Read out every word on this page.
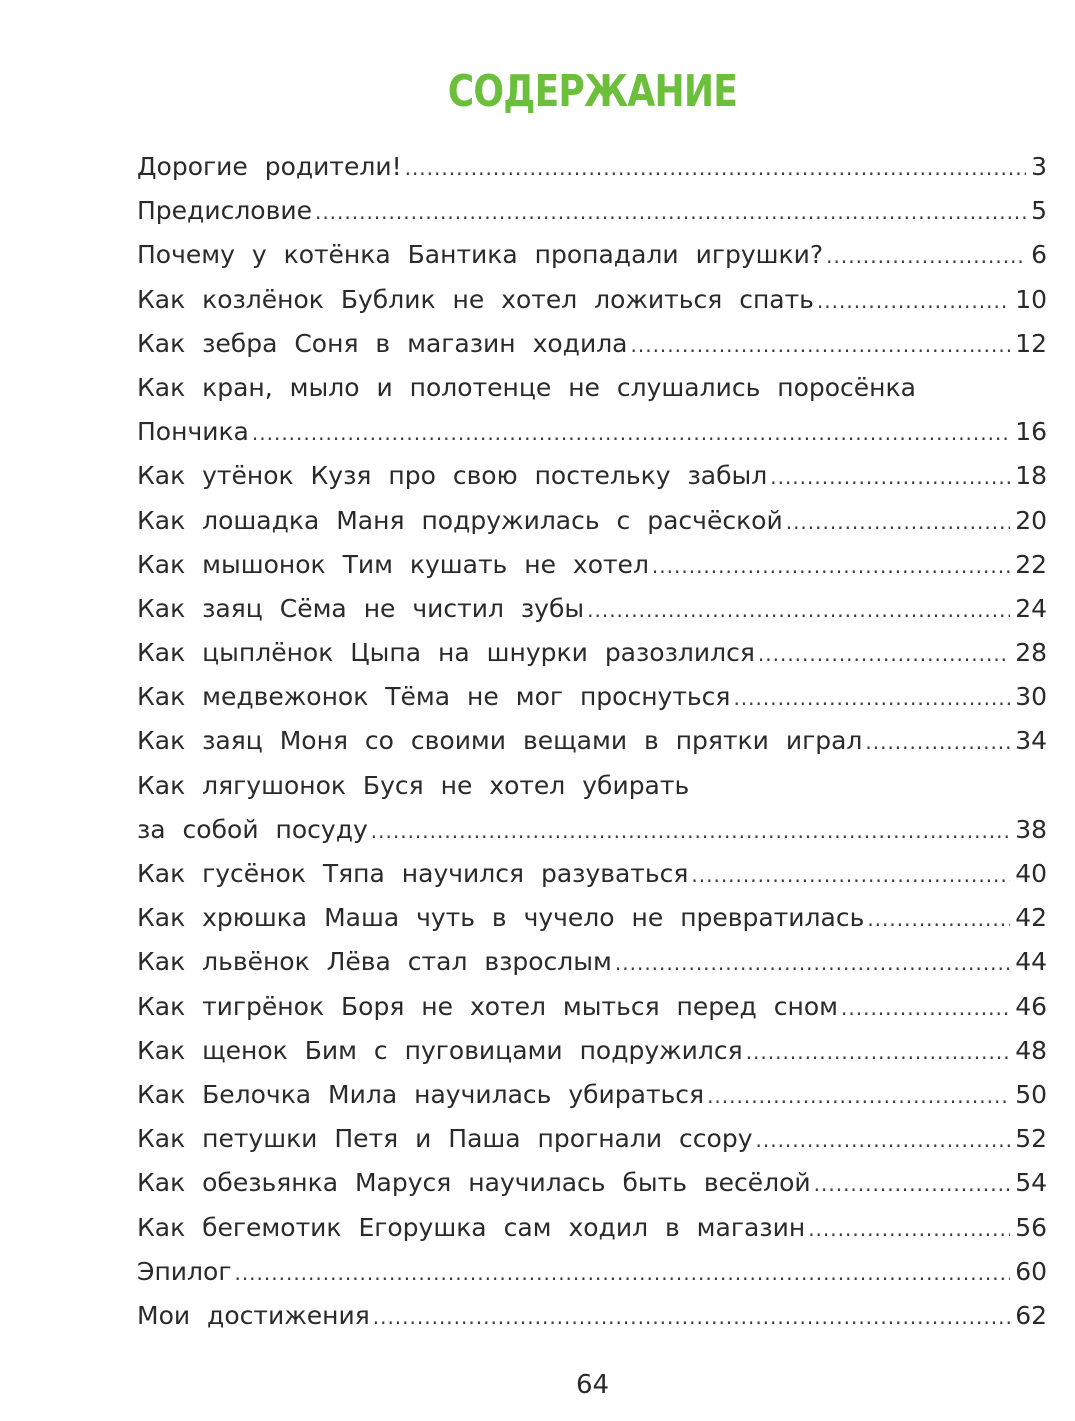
СОДЕРЖАНИЕ
Дорогие родители! .....	3
Предисловие .....	5
Почему у котёнка Бантика пропадали игрушки? .....	6
Как козлёнок Бублик не хотел ложиться спать .....	10
Как зебра Соня в магазин ходила .....	12
Как кран, мыло и полотенце не слушались поросёнка
Пончика .....	16
Как утёнок Кузя про свою постельку забыл .....	18
Как лошадка Маня подружилась с расчёской .....	20
Как мышонок Тим кушать не хотел .....	22
Как заяц Сёма не чистил зубы .....	24
Как цыплёнок Цыпа на шнурки разозлился .....	28
Как медвежонок Тёма не мог проснуться .....	30
Как заяц Моня со своими вещами в прятки играл .....	34
Как лягушонок Буся не хотел убирать
за собой посуду .....	38
Как гусёнок Тяпа научился разуваться .....	40
Как хрюшка Маша чуть в чучело не превратилась .....	42
Как львёнок Лёва стал взрослым .....	44
Как тигрёнок Боря не хотел мыться перед сном .....	46
Как щенок Бим с пуговицами подружился .....	48
Как Белочка Мила научилась убираться .....	50
Как петушки Петя и Паша прогнали ссору .....	52
Как обезьянка Маруся научилась быть весёлой .....	54
Как бегемотик Егорушка сам ходил в магазин .....	56
Эпилог .....	60
Мои достижения .....	62
64
